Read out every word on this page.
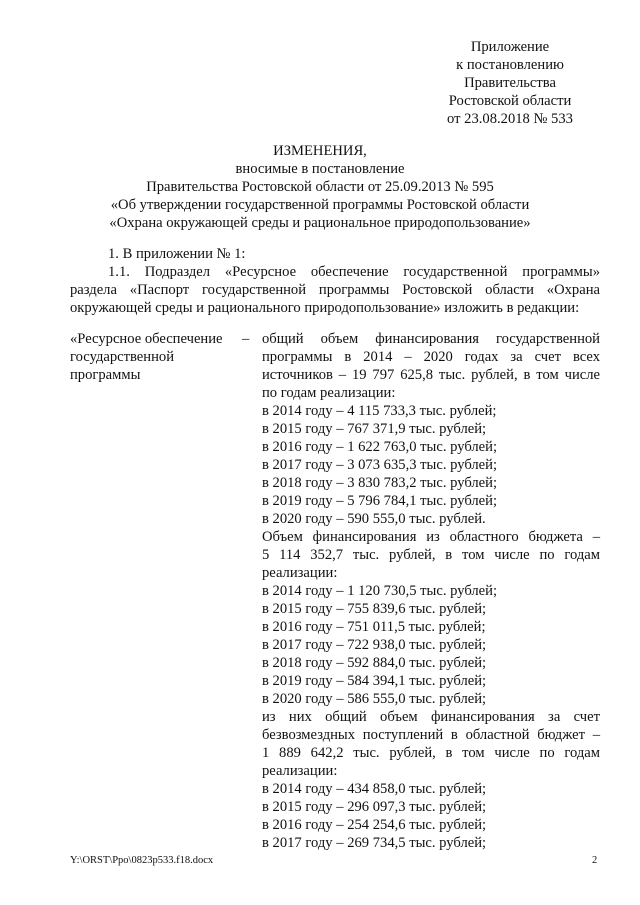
Приложение
к постановлению
Правительства
Ростовской области
от 23.08.2018 № 533
ИЗМЕНЕНИЯ,
вносимые в постановление
Правительства Ростовской области от 25.09.2013 № 595
«Об утверждении государственной программы Ростовской области
«Охрана окружающей среды и рациональное природопользование»
1. В приложении № 1:
1.1. Подраздел «Ресурсное обеспечение государственной программы»
раздела «Паспорт государственной программы Ростовской области «Охрана
окружающей среды и рационального природопользование» изложить в редакции:
«Ресурсное обеспечение
государственной
программы
– общий объем финансирования государственной
программы в 2014 – 2020 годах за счет всех
источников – 19 797 625,8 тыс. рублей, в том числе
по годам реализации:
в 2014 году – 4 115 733,3 тыс. рублей;
в 2015 году – 767 371,9 тыс. рублей;
в 2016 году – 1 622 763,0 тыс. рублей;
в 2017 году – 3 073 635,3 тыс. рублей;
в 2018 году – 3 830 783,2 тыс. рублей;
в 2019 году – 5 796 784,1 тыс. рублей;
в 2020 году – 590 555,0 тыс. рублей.
Объем финансирования из областного бюджета –
5 114 352,7 тыс. рублей, в том числе по годам
реализации:
в 2014 году – 1 120 730,5 тыс. рублей;
в 2015 году – 755 839,6 тыс. рублей;
в 2016 году – 751 011,5 тыс. рублей;
в 2017 году – 722 938,0 тыс. рублей;
в 2018 году – 592 884,0 тыс. рублей;
в 2019 году – 584 394,1 тыс. рублей;
в 2020 году – 586 555,0 тыс. рублей;
из них общий объем финансирования за счет
безвозмездных поступлений в областной бюджет –
1 889 642,2 тыс. рублей, в том числе по годам
реализации:
в 2014 году – 434 858,0 тыс. рублей;
в 2015 году – 296 097,3 тыс. рублей;
в 2016 году – 254 254,6 тыс. рублей;
в 2017 году – 269 734,5 тыс. рублей;
Y:\ORST\Ppo\0823p533.f18.docx	2
